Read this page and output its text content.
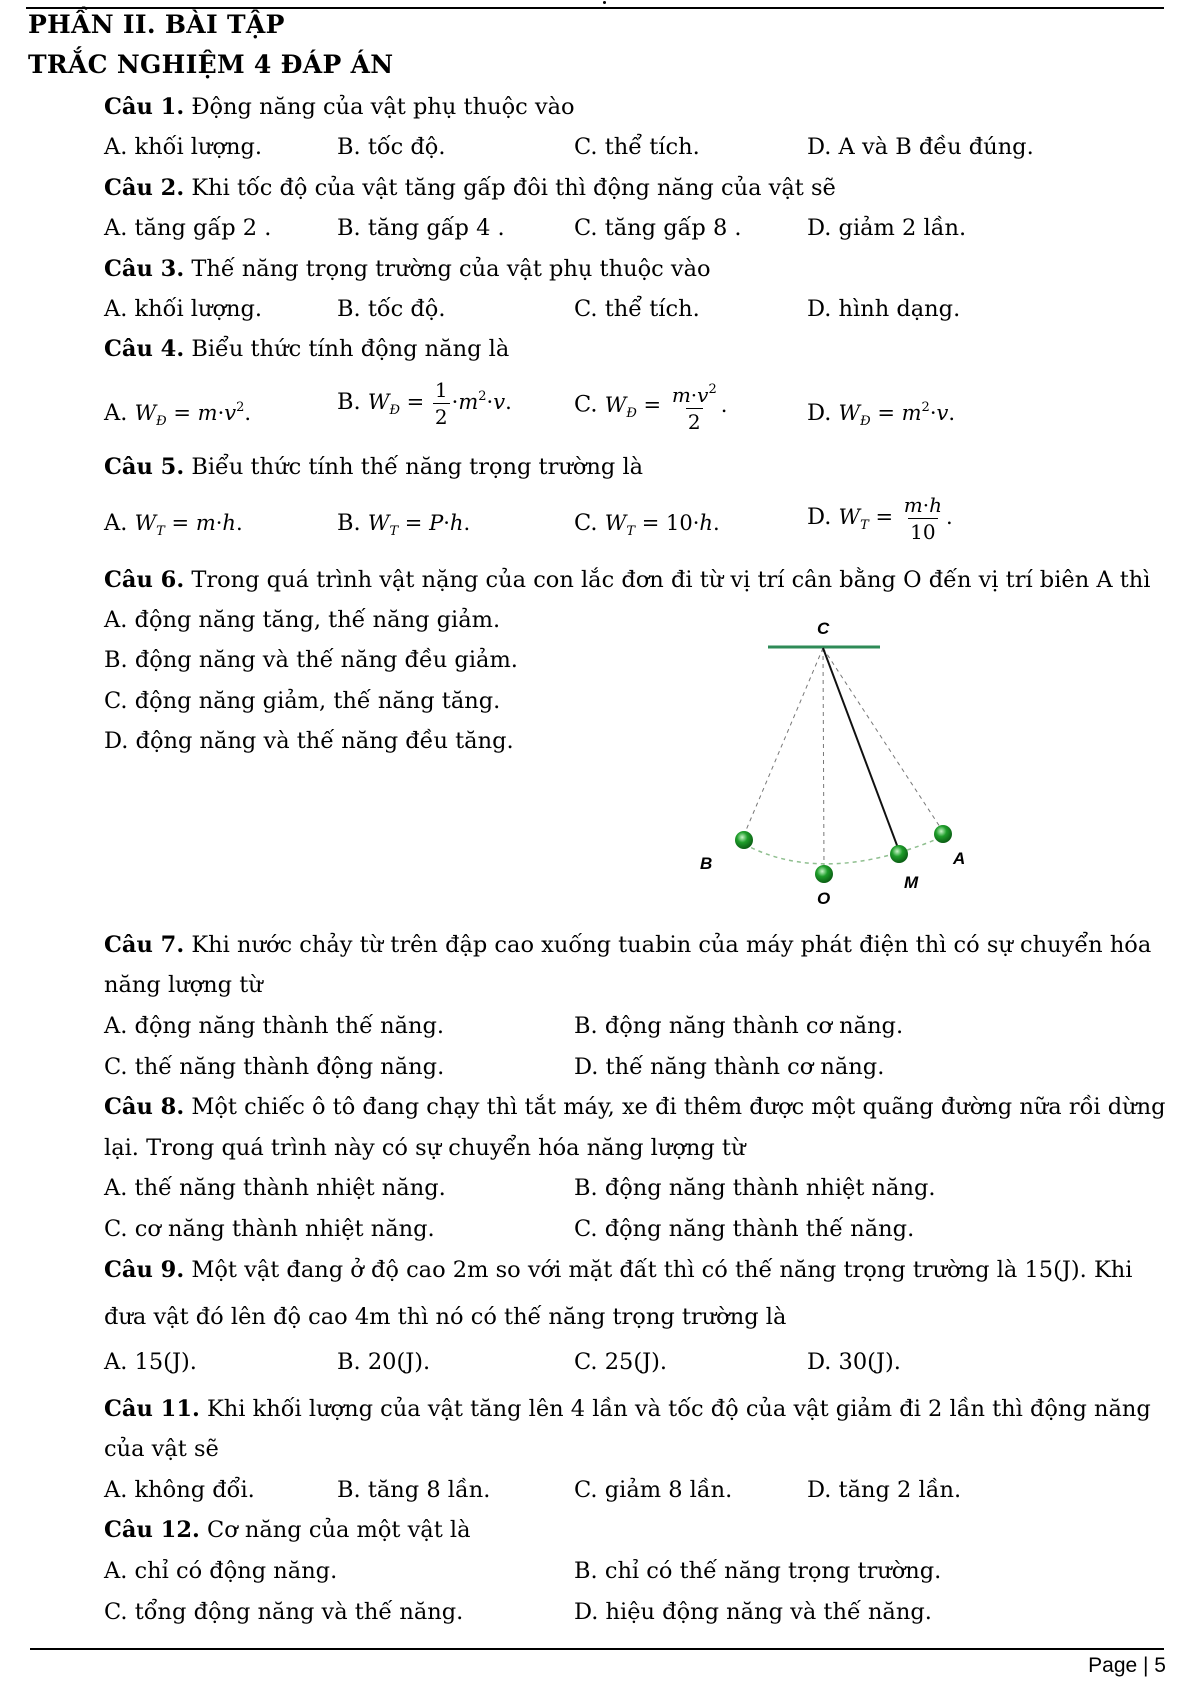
PHẦN II. BÀI TẬP
TRẮC NGHIỆM 4 ĐÁP ÁN
Câu 1. Động năng của vật phụ thuộc vào
A. khối lượng.	B. tốc độ.	C. thể tích.	D. A và B đều đúng.
Câu 2. Khi tốc độ của vật tăng gấp đôi thì động năng của vật sẽ
A. tăng gấp 2 .	B. tăng gấp 4 .	C. tăng gấp 8 .	D. giảm 2 lần.
Câu 3. Thế năng trọng trường của vật phụ thuộc vào
A. khối lượng.	B. tốc độ.	C. thể tích.	D. hình dạng.
Câu 4. Biểu thức tính động năng là
A. $W_Đ = m\cdot v^2$.	B. $W_Đ = \frac{1}{2} \cdot m^2\cdot v$.	C. $W_Đ = \frac{m\cdot v^2}{2}$ .	D. $W_Đ = m^2\cdot v$.
Câu 5. Biểu thức tính thế năng trọng trường là
A. $W_T = m\cdot h$.	B. $W_T = P\cdot h$.	C. $W_T = 10\cdot h$.	D. $W_T = \frac{m\cdot h}{10}$ .
Câu 6. Trong quá trình vật nặng của con lắc đơn đi từ vị trí cân bằng O đến vị trí biên A thì
A. động năng tăng, thế năng giảm.
B. động năng và thế năng đều giảm.
C. động năng giảm, thế năng tăng.
D. động năng và thế năng đều tăng.
C
B
O
M
A
Câu 7. Khi nước chảy từ trên đập cao xuống tuabin của máy phát điện thì có sự chuyển hóa
năng lượng từ
A. động năng thành thế năng.	B. động năng thành cơ năng.
C. thế năng thành động năng.	D. thế năng thành cơ năng.
Câu 8. Một chiếc ô tô đang chạy thì tắt máy, xe đi thêm được một quãng đường nữa rồi dừng
lại. Trong quá trình này có sự chuyển hóa năng lượng từ
A. thế năng thành nhiệt năng.	B. động năng thành nhiệt năng.
C. cơ năng thành nhiệt năng.	C. động năng thành thế năng.
Câu 9. Một vật đang ở độ cao 2m so với mặt đất thì có thế năng trọng trường là 15(J). Khi
đưa vật đó lên độ cao 4m thì nó có thế năng trọng trường là
A. 15(J).	B. 20(J).	C. 25(J).	D. 30(J).
Câu 11. Khi khối lượng của vật tăng lên 4 lần và tốc độ của vật giảm đi 2 lần thì động năng
của vật sẽ
A. không đổi.	B. tăng 8 lần.	C. giảm 8 lần.	D. tăng 2 lần.
Câu 12. Cơ năng của một vật là
A. chỉ có động năng.	B. chỉ có thế năng trọng trường.
C. tổng động năng và thế năng.	D. hiệu động năng và thế năng.
Page | 5
